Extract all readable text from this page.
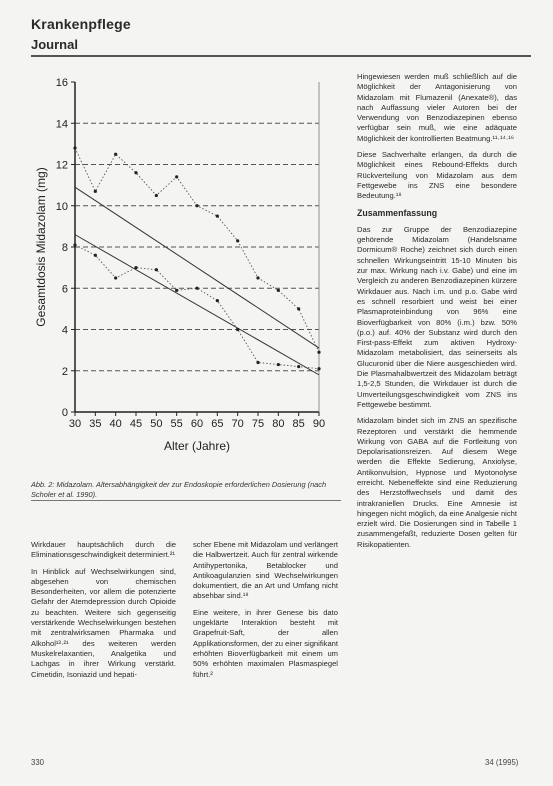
Krankenpflege
Journal
0
2
4
6
8
10
12
14
16
30 35 40 45 50 55 60 65 70 75 80 85 90
Alter (Jahre)
Gesamtdosis Midazolam (mg)
Abb. 2: Midazolam. Altersabhängigkeit der zur Endoskopie erforderlichen Dosierung (nach Scholer et al. 1990).

Wirkdauer hauptsächlich durch die Eliminationsgeschwindigkeit determiniert.²¹

In Hinblick auf Wechselwirkungen sind, abgesehen von chemischen Besonderheiten, vor allem die potenzierte Gefahr der Atemdepression durch Opioide zu beachten. Weitere sich gegenseitig verstärkende Wechselwirkungen bestehen mit zentralwirksamen Pharmaka und Alkohol¹³·²¹ des weiteren werden Muskelrelaxantien, Analgetika und Lachgas in ihrer Wirkung verstärkt. Cimetidin, Isoniazid und hepati-

scher Ebene mit Midazolam und verlängert die Halbwertzeit. Auch für zentral wirkende Antihypertonika, Betablocker und Antikoagulanzien sind Wechselwirkungen dokumentiert, die an Art und Umfang nicht absehbar sind.¹⁸

Eine weitere, in ihrer Genese bis dato ungeklärte Interaktion besteht mit Grapefruit-Saft, der allen Applikationsformen, der zu einer signifikant erhöhten Bioverfügbarkeit mit einem um 50% erhöhten maximalen Plasmaspiegel führt.²

Hingewiesen werden muß schließlich auf die Möglichkeit der Antagonisierung von Midazolam mit Flumazenil (Anexate®), das nach Auffassung vieler Autoren bei der Verwendung von Benzodiazepinen ebenso verfügbar sein muß, wie eine adäquate Möglichkeit der kontrollierten Beatmung.¹¹·¹⁴·¹⁶

Diese Sachverhalte erlangen, da durch die Möglichkeit eines Rebound-Effekts durch Rückverteilung von Midazolam aus dem Fettgewebe ins ZNS eine besondere Bedeutung.¹⁸

Zusammenfassung

Das zur Gruppe der Benzodiazepine gehörende Midazolam (Handelsname Dormicum® Roche) zeichnet sich durch einen schnellen Wirkungseintritt 15-10 Minuten bis zur max. Wirkung nach i.v. Gabe) und eine im Vergleich zu anderen Benzodiazepinen kürzere Wirkdauer aus. Nach i.m. und p.o. Gabe wird es schnell resorbiert und weist bei einer Plasmaproteinbindung von 96% eine Bioverfügbarkeit von 80% (i.m.) bzw. 50% (p.o.) auf. 40% der Substanz wird durch den First-pass-Effekt zum aktiven Hydroxy-Midazolam metabolisiert, das seinerseits als Glucuronid über die Niere ausgeschieden wird. Die Plasmahalbwertzeit des Midazolam beträgt 1,5-2,5 Stunden, die Wirkdauer ist durch die Umverteilungsgeschwindigkeit vom ZNS ins Fettgewebe bestimmt.

Midazolam bindet sich im ZNS an spezifische Rezeptoren und verstärkt die hemmende Wirkung von GABA auf die Fortleitung von Depolarisationsreizen. Auf diesem Wege werden die Effekte Sedierung, Anxiolyse, Antikonvulsion, Hypnose und Myotonolyse erreicht. Nebeneffekte sind eine Reduzierung des Herzstoffwechsels und damit des intrakraniellen Drucks. Eine Amnesie ist hingegen nicht möglich, da eine Analgesie nicht erzielt wird. Die Dosierungen sind in Tabelle 1 zusammengefaßt, reduzierte Dosen gelten für Risikopatienten.

330	34 (1995)
